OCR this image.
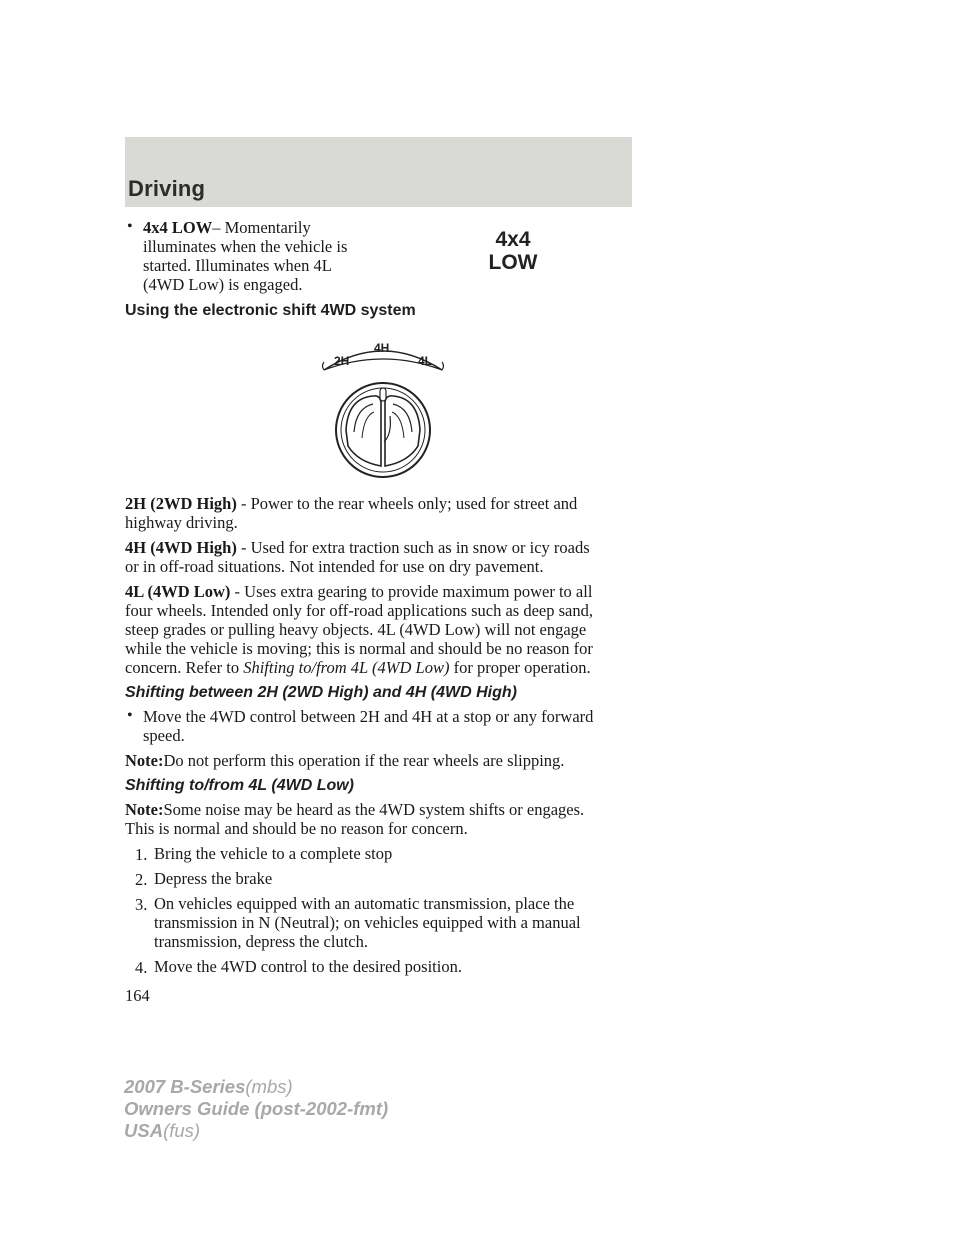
Driving
4x4
LOW
• 4x4 LOW– Momentarily
illuminates when the vehicle is
started. Illuminates when 4L
(4WD Low) is engaged.
Using the electronic shift 4WD system
2H
4H
4L
2H (2WD High) - Power to the rear wheels only; used for street and
highway driving.
4H (4WD High) - Used for extra traction such as in snow or icy roads
or in off-road situations. Not intended for use on dry pavement.
4L (4WD Low) - Uses extra gearing to provide maximum power to all
four wheels. Intended only for off-road applications such as deep sand,
steep grades or pulling heavy objects. 4L (4WD Low) will not engage
while the vehicle is moving; this is normal and should be no reason for
concern. Refer to Shifting to/from 4L (4WD Low) for proper operation.
Shifting between 2H (2WD High) and 4H (4WD High)
• Move the 4WD control between 2H and 4H at a stop or any forward
speed.
Note:Do not perform this operation if the rear wheels are slipping.
Shifting to/from 4L (4WD Low)
Note:Some noise may be heard as the 4WD system shifts or engages.
This is normal and should be no reason for concern.
1. Bring the vehicle to a complete stop
2. Depress the brake
3. On vehicles equipped with an automatic transmission, place the
transmission in N (Neutral); on vehicles equipped with a manual
transmission, depress the clutch.
4. Move the 4WD control to the desired position.
164
2007 B-Series(mbs)
Owners Guide (post-2002-fmt)
USA(fus)
